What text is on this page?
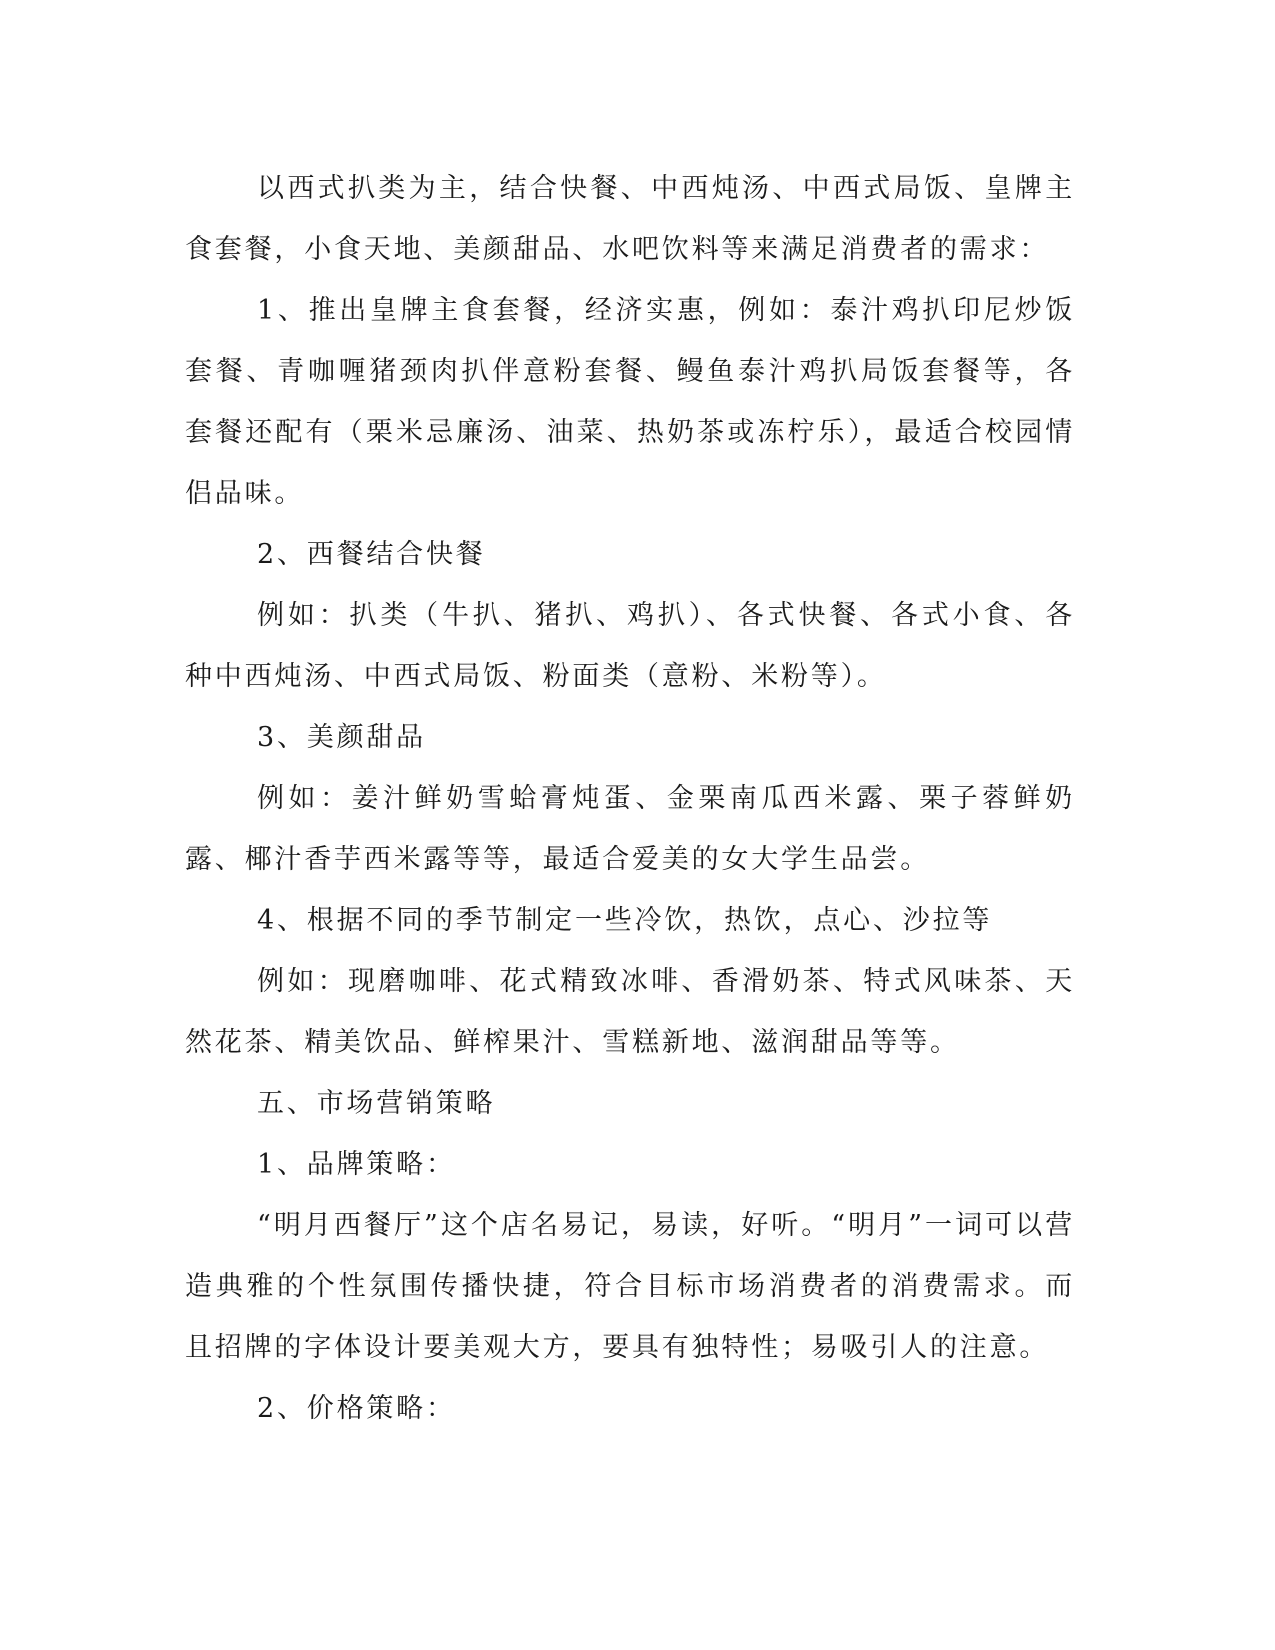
以西式扒类为主，结合快餐、中西炖汤、中西式局饭、皇牌主食套餐，小食天地、美颜甜品、水吧饮料等来满足消费者的需求：

1、推出皇牌主食套餐，经济实惠，例如：泰汁鸡扒印尼炒饭套餐、青咖喱猪颈肉扒伴意粉套餐、鳗鱼泰汁鸡扒局饭套餐等，各套餐还配有（栗米忌廉汤、油菜、热奶茶或冻柠乐），最适合校园情侣品味。

2、西餐结合快餐

例如：扒类（牛扒、猪扒、鸡扒）、各式快餐、各式小食、各种中西炖汤、中西式局饭、粉面类（意粉、米粉等）。

3、美颜甜品

例如：姜汁鲜奶雪蛤膏炖蛋、金栗南瓜西米露、栗子蓉鲜奶露、椰汁香芋西米露等等，最适合爱美的女大学生品尝。

4、根据不同的季节制定一些冷饮，热饮，点心、沙拉等

例如：现磨咖啡、花式精致冰啡、香滑奶茶、特式风味茶、天然花茶、精美饮品、鲜榨果汁、雪糕新地、滋润甜品等等。

五、市场营销策略

1、品牌策略：

“明月西餐厅”这个店名易记，易读，好听。“明月”一词可以营造典雅的个性氛围传播快捷，符合目标市场消费者的消费需求。而且招牌的字体设计要美观大方，要具有独特性；易吸引人的注意。

2、价格策略：
